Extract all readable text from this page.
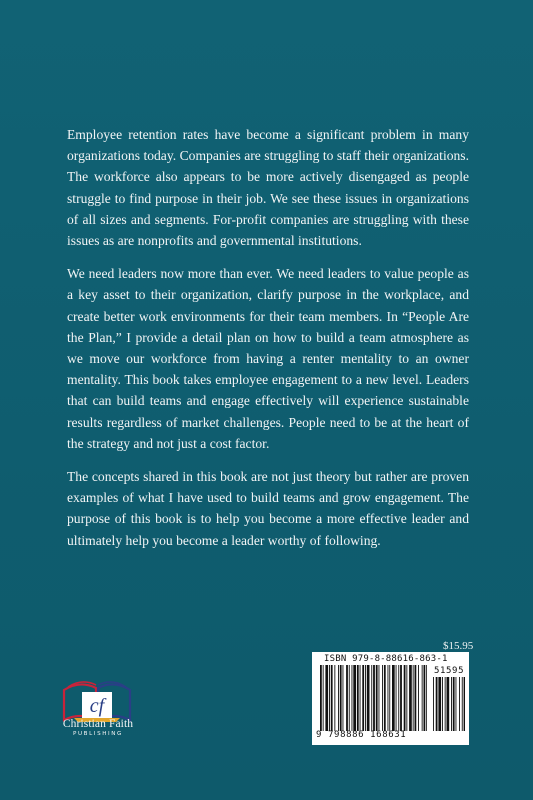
Employee retention rates have become a significant problem in many organizations today. Companies are struggling to staff their organizations. The workforce also appears to be more actively disengaged as people struggle to find purpose in their job. We see these issues in organizations of all sizes and segments. For-profit companies are struggling with these issues as are nonprofits and governmental institutions.

We need leaders now more than ever. We need leaders to value people as a key asset to their organization, clarify purpose in the workplace, and create better work environments for their team members. In “People Are the Plan,” I provide a detail plan on how to build a team atmosphere as we move our workforce from having a renter mentality to an owner mentality. This book takes employee engagement to a new level. Leaders that can build teams and engage effectively will experience sustainable results regardless of market challenges. People need to be at the heart of the strategy and not just a cost factor.

The concepts shared in this book are not just theory but rather are proven examples of what I have used to build teams and grow engagement. The purpose of this book is to help you become a more effective leader and ultimately help you become a leader worthy of following.

cf
Christian Faith
PUBLISHING
$15.95
ISBN 979-8-88616-863-1
51595
9 798886 168631
